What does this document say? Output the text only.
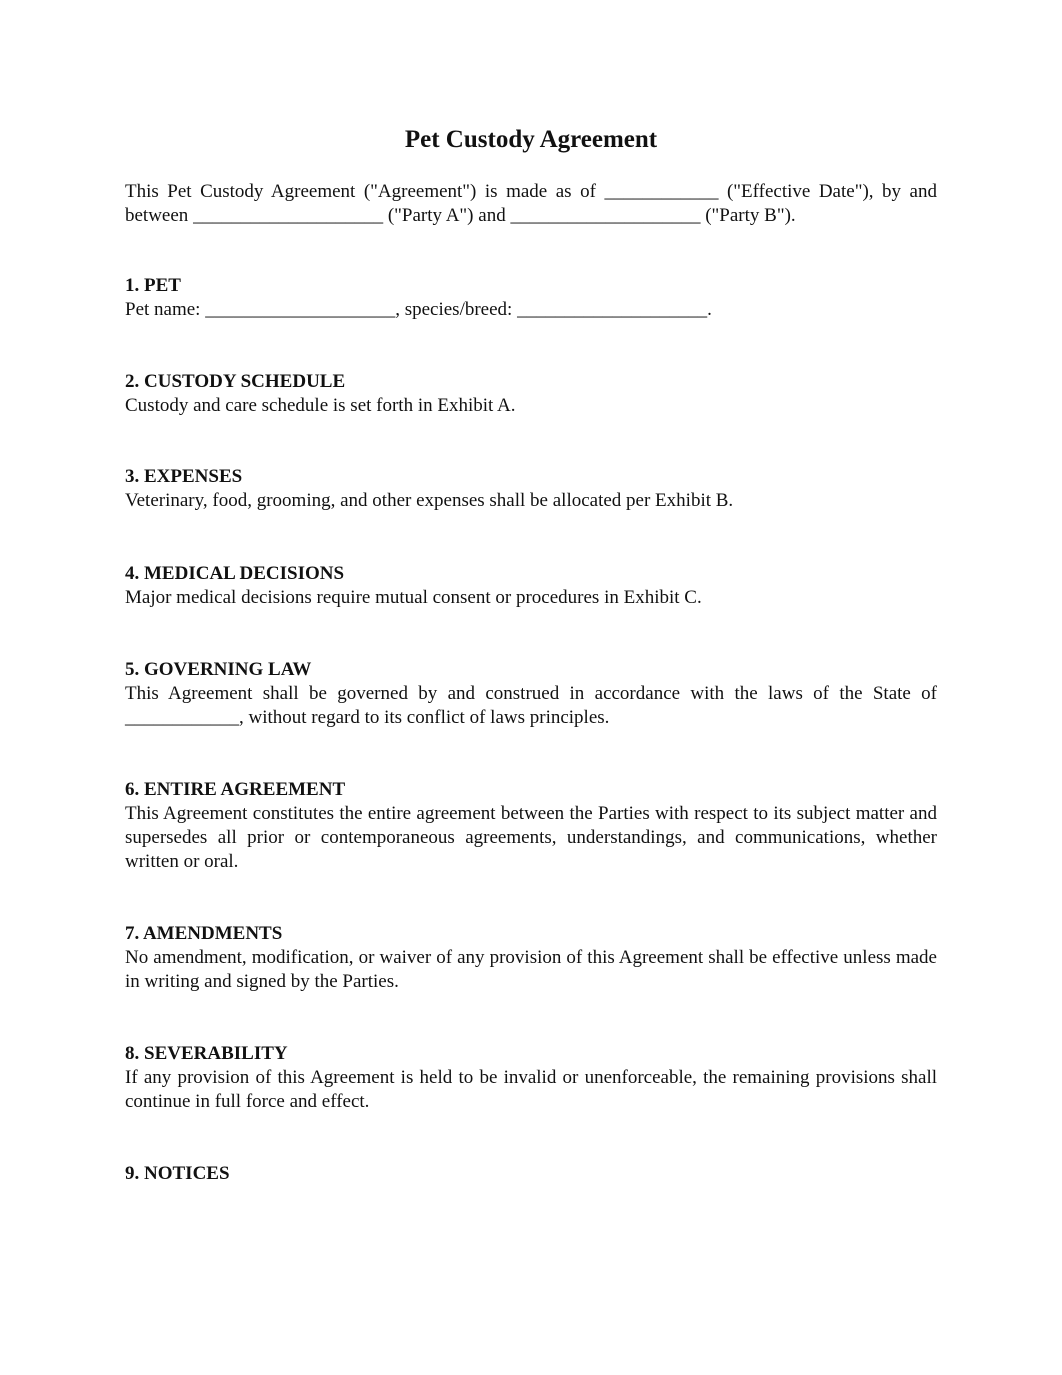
Pet Custody Agreement

This Pet Custody Agreement ("Agreement") is made as of ____________ ("Effective Date"), by and between ____________________ ("Party A") and ____________________ ("Party B").

1. PET

Pet name: ____________________, species/breed: ____________________.

2. CUSTODY SCHEDULE

Custody and care schedule is set forth in Exhibit A.

3. EXPENSES

Veterinary, food, grooming, and other expenses shall be allocated per Exhibit B.

4. MEDICAL DECISIONS

Major medical decisions require mutual consent or procedures in Exhibit C.

5. GOVERNING LAW

This Agreement shall be governed by and construed in accordance with the laws of the State of ____________, without regard to its conflict of laws principles.

6. ENTIRE AGREEMENT

This Agreement constitutes the entire agreement between the Parties with respect to its subject matter and supersedes all prior or contemporaneous agreements, understandings, and communications, whether written or oral.

7. AMENDMENTS

No amendment, modification, or waiver of any provision of this Agreement shall be effective unless made in writing and signed by the Parties.

8. SEVERABILITY

If any provision of this Agreement is held to be invalid or unenforceable, the remaining provisions shall continue in full force and effect.

9. NOTICES
